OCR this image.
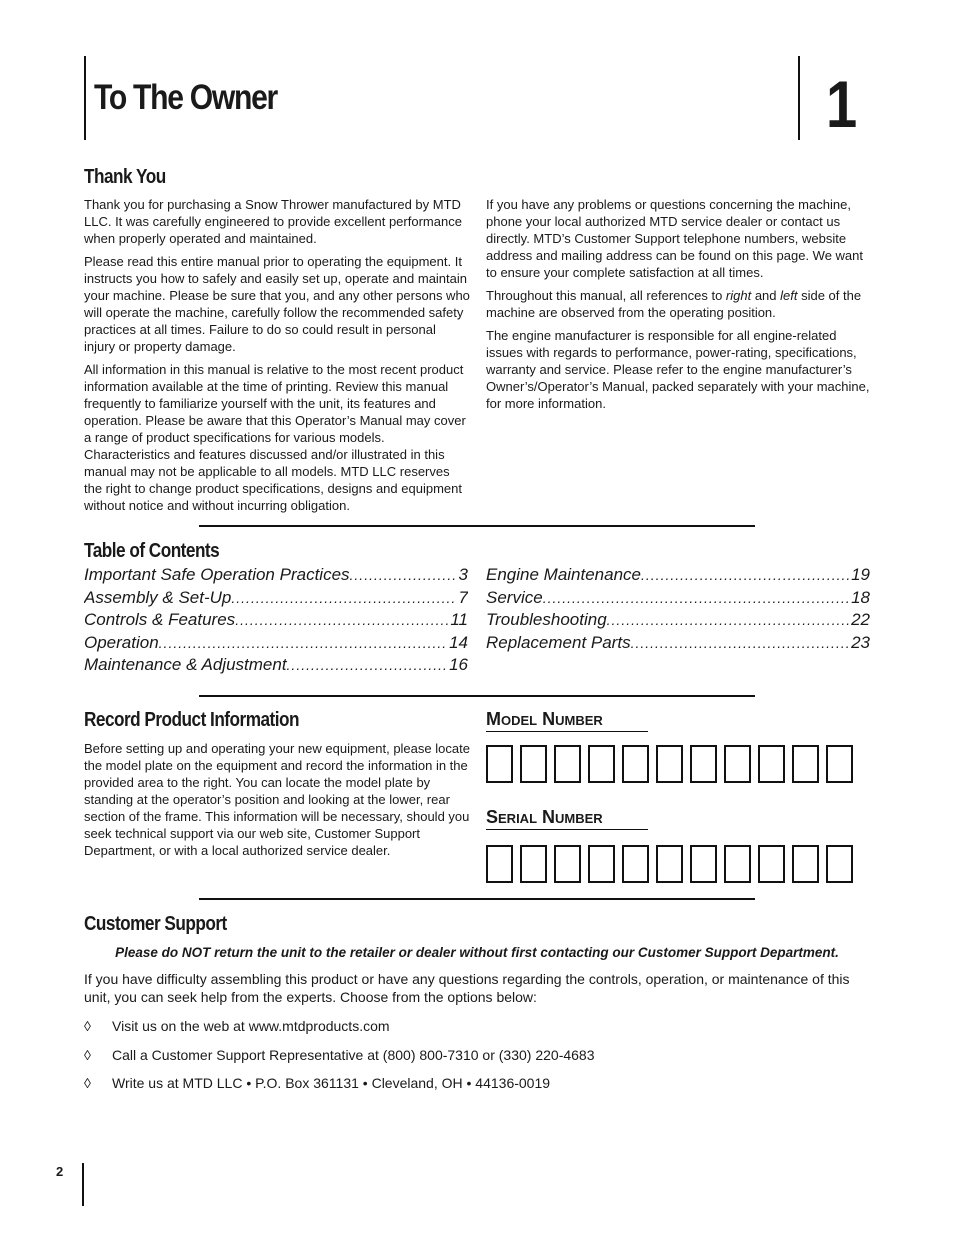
To The Owner	1
Thank You

Thank you for purchasing a Snow Thrower manufactured by MTD LLC. It was carefully engineered to provide excellent performance when properly operated and maintained.

Please read this entire manual prior to operating the equipment. It instructs you how to safely and easily set up, operate and maintain your machine. Please be sure that you, and any other persons who will operate the machine, carefully follow the recommended safety practices at all times. Failure to do so could result in personal injury or property damage.

All information in this manual is relative to the most recent product information available at the time of printing. Review this manual frequently to familiarize yourself with the unit, its features and operation. Please be aware that this Operator’s Manual may cover a range of product specifications for various models. Characteristics and features discussed and/or illustrated in this manual may not be applicable to all models. MTD LLC reserves the right to change product specifications, designs and equipment without notice and without incurring obligation.

If you have any problems or questions concerning the machine, phone your local authorized MTD service dealer or contact us directly. MTD’s Customer Support telephone numbers, website address and mailing address can be found on this page. We want to ensure your complete satisfaction at all times.

Throughout this manual, all references to right and left side of the machine are observed from the operating position.

The engine manufacturer is responsible for all engine-related issues with regards to performance, power-rating, specifications, warranty and service. Please refer to the engine manufacturer’s Owner’s/Operator’s Manual, packed separately with your machine, for more information.

Table of Contents
Important Safe Operation Practices .....	3
Assembly & Set-Up .....	7
Controls & Features .....	11
Operation .....	14
Maintenance & Adjustment .....	16
Engine Maintenance .....	19
Service .....	18
Troubleshooting .....	22
Replacement Parts .....	23
Record Product Information

Before setting up and operating your new equipment, please locate the model plate on the equipment and record the information in the provided area to the right. You can locate the model plate by standing at the operator’s position and looking at the lower, rear section of the frame. This information will be necessary, should you seek technical support via our web site, Customer Support Department, or with a local authorized service dealer.

Model Number
Serial Number
Customer Support

Please do NOT return the unit to the retailer or dealer without first contacting our Customer Support Department.

If you have difficulty assembling this product or have any questions regarding the controls, operation, or maintenance of this unit, you can seek help from the experts. Choose from the options below:

◊	Visit us on the web at www.mtdproducts.com
◊	Call a Customer Support Representative at (800) 800-7310 or (330) 220-4683
◊	Write us at MTD LLC • P.O. Box 361131 • Cleveland, OH • 44136-0019
2
